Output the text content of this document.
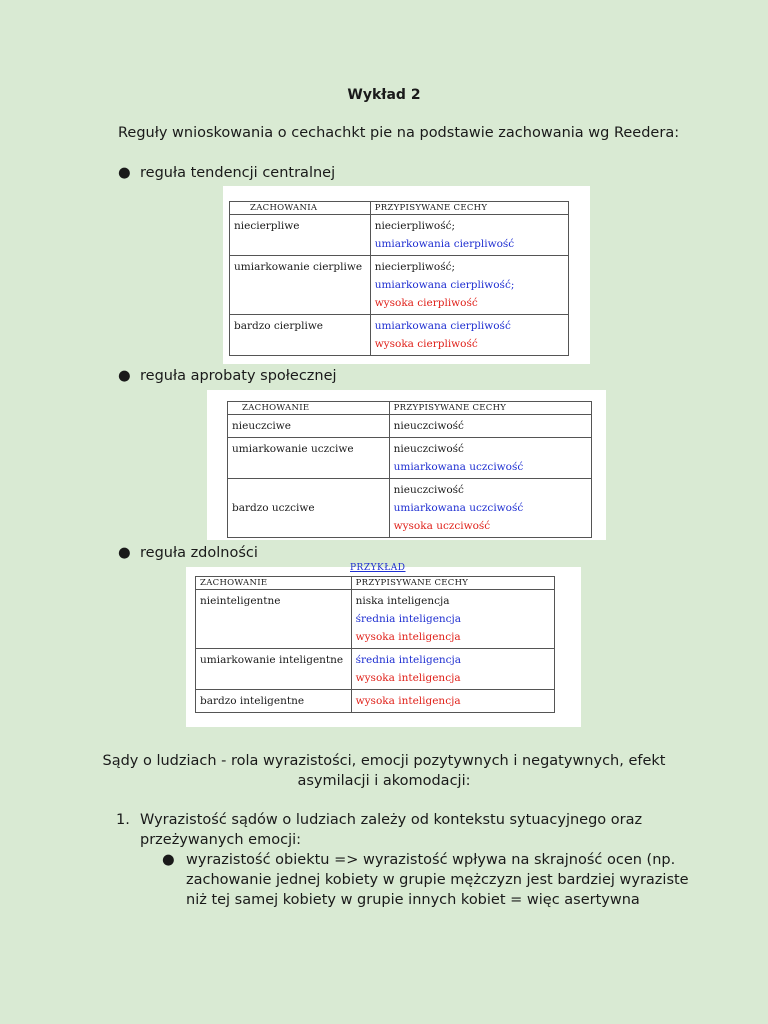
Wykład 2
Reguły wnioskowania o cechachkt pie na podstawie zachowania wg Reedera:
● reguła tendencji centralnej
ZACHOWANIA	PRZYPISYWANE CECHY
niecierpliwe	niecierpliwość;
umiarkowania cierpliwość

umiarkowanie cierpliwe	niecierpliwość;
umiarkowana cierpliwość;
wysoka cierpliwość

bardzo cierpliwe	umiarkowana cierpliwość
wysoka cierpliwość
● reguła aprobaty społecznej
ZACHOWANIE	PRZYPISYWANE CECHY
nieuczciwe	nieuczciwość

umiarkowanie uczciwe	nieuczciwość
umiarkowana uczciwość

bardzo uczciwe	nieuczciwość
umiarkowana uczciwość
wysoka uczciwość
● reguła zdolności
PRZYKŁAD
ZACHOWANIE	PRZYPISYWANE CECHY
nieinteligentne	niska inteligencja
średnia inteligencja
wysoka inteligencja

umiarkowanie inteligentne	średnia inteligencja
wysoka inteligencja

bardzo inteligentne	wysoka inteligencja
Sądy o ludziach - rola wyrazistości, emocji pozytywnych i negatywnych, efekt
asymilacji i akomodacji:
1. Wyrazistość sądów o ludziach zależy od kontekstu sytuacyjnego oraz
przeżywanych emocji:
● wyrazistość obiektu => wyrazistość wpływa na skrajność ocen (np.
zachowanie jednej kobiety w grupie mężczyzn jest bardziej wyraziste
niż tej samej kobiety w grupie innych kobiet = więc asertywna
